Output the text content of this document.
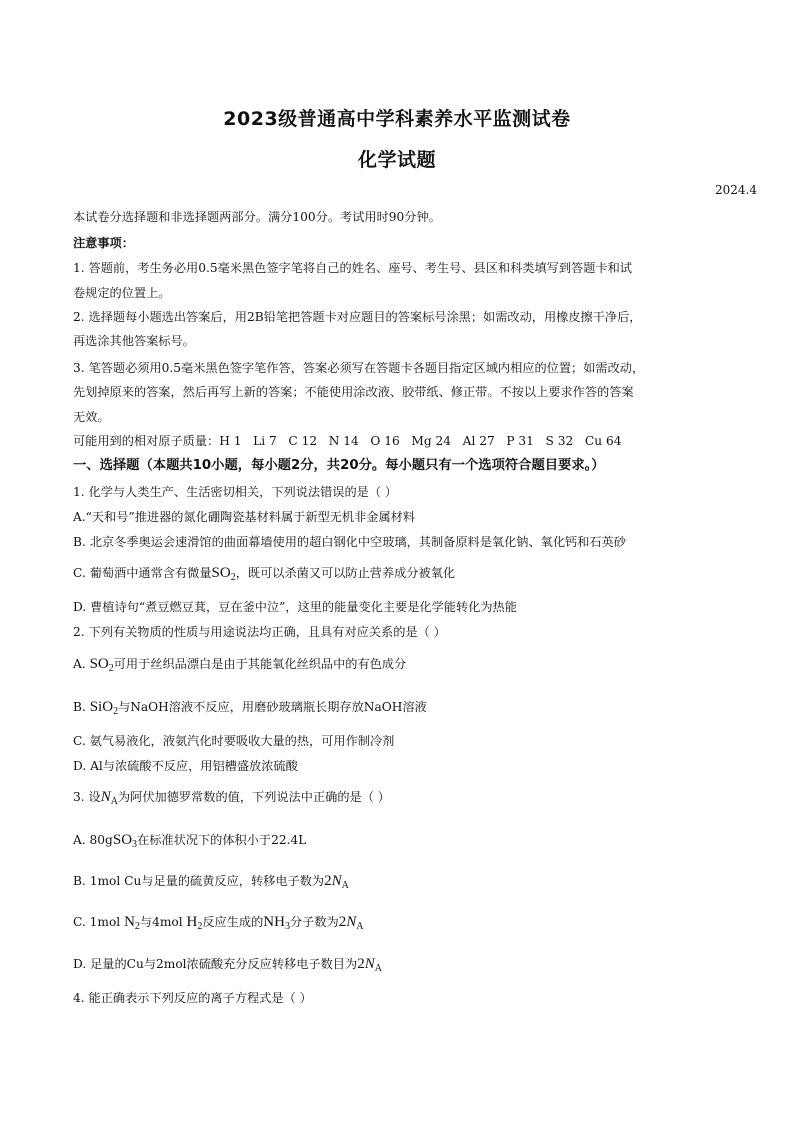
2023级普通高中学科素养水平监测试卷
化学试题
2024.4
本试卷分选择题和非选择题两部分。满分100分。考试用时90分钟。
注意事项：
1. 答题前，考生务必用0.5毫米黑色签字笔将自己的姓名、座号、考生号、县区和科类填写到答题卡和试
卷规定的位置上。
2. 选择题每小题选出答案后，用2B铅笔把答题卡对应题目的答案标号涂黑；如需改动，用橡皮擦干净后，
再选涂其他答案标号。
3. 笔答题必须用0.5毫米黑色签字笔作答，答案必须写在答题卡各题目指定区域内相应的位置；如需改动，
先划掉原来的答案，然后再写上新的答案；不能使用涂改液、胶带纸、修正带。不按以上要求作答的答案
无效。
可能用到的相对原子质量：H 1   Li 7   C 12   N 14   O 16   Mg 24   Al 27   P 31   S 32   Cu 64
一、选择题（本题共10小题，每小题2分，共20分。每小题只有一个选项符合题目要求。）
1. 化学与人类生产、生活密切相关，下列说法错误的是（ ）
A.“天和号”推进器的氮化硼陶瓷基材料属于新型无机非金属材料
B. 北京冬季奥运会速滑馆的曲面幕墙使用的超白钢化中空玻璃，其制备原料是氧化钠、氧化钙和石英砂
C. 葡萄酒中通常含有微量$SO_2$，既可以杀菌又可以防止营养成分被氧化
D. 曹植诗句“煮豆燃豆萁，豆在釜中泣”，这里的能量变化主要是化学能转化为热能
2. 下列有关物质的性质与用途说法均正确，且具有对应关系的是（ ）
A. $SO_2$可用于丝织品漂白是由于其能氧化丝织品中的有色成分
B. SiO$_2$与NaOH溶液不反应，用磨砂玻璃瓶长期存放NaOH溶液
C. 氨气易液化，液氨汽化时要吸收大量的热，可用作制冷剂
D. Al与浓硫酸不反应，用铝槽盛放浓硫酸
3. 设$N_A$为阿伏加德罗常数的值，下列说法中正确的是（ ）
A. 80gSO$_3$在标准状况下的体积小于22.4L
B. 1mol Cu与足量的硫黄反应，转移电子数为$2N_A$
C. 1mol $N_2$与4mol $H_2$反应生成的$NH_3$分子数为$2N_A$
D. 足量的Cu与2mol浓硫酸充分反应转移电子数目为$2N_A$
4. 能正确表示下列反应的离子方程式是（ ）
